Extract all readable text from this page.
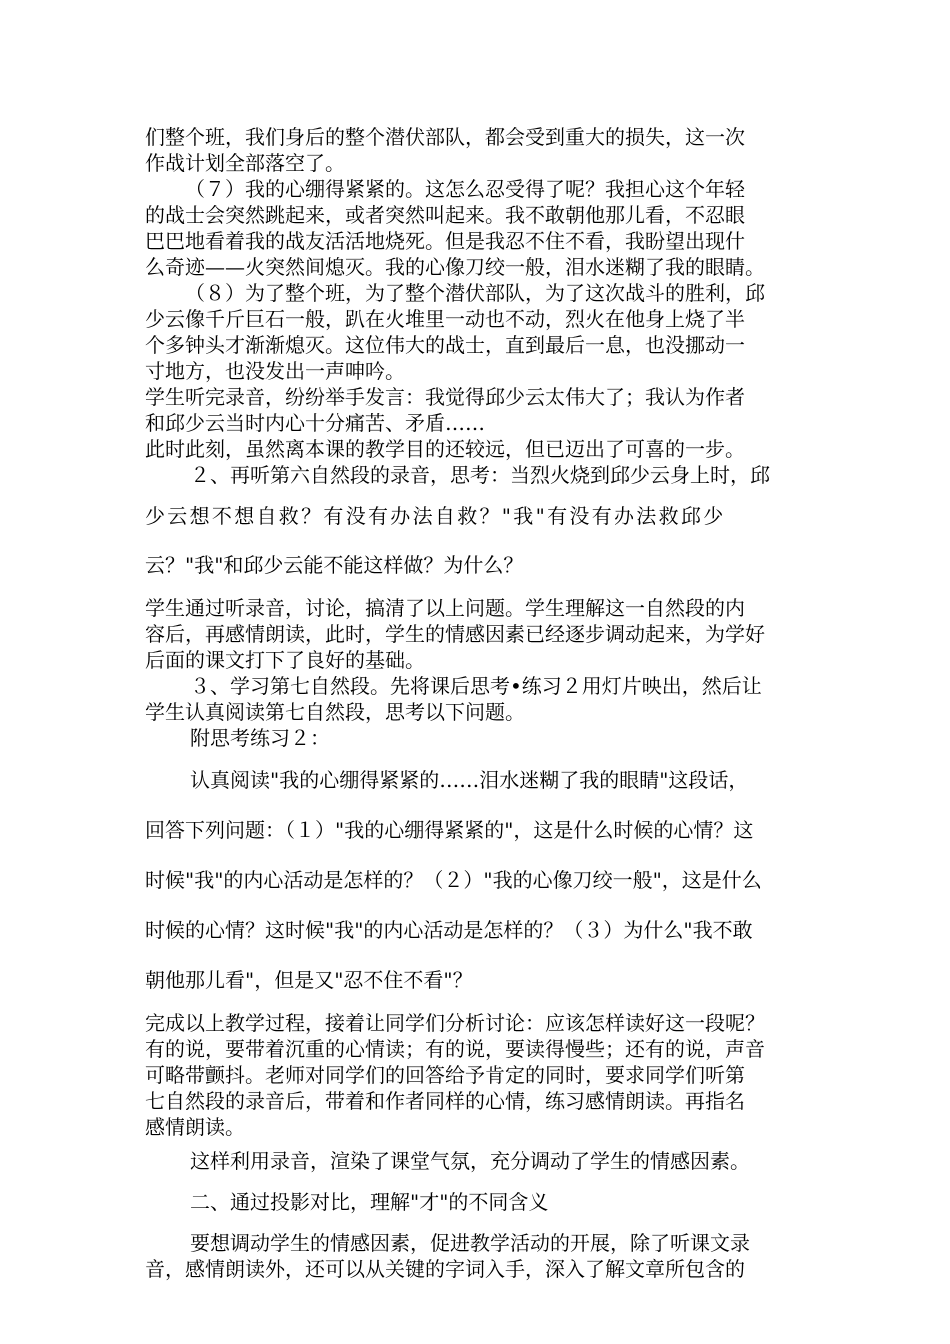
们整个班，我们身后的整个潜伏部队，都会受到重大的损失，这一次
作战计划全部落空了。
（７）我的心绷得紧紧的。这怎么忍受得了呢？我担心这个年轻
的战士会突然跳起来，或者突然叫起来。我不敢朝他那儿看，不忍眼
巴巴地看着我的战友活活地烧死。但是我忍不住不看，我盼望出现什
么奇迹——火突然间熄灭。我的心像刀绞一般，泪水迷糊了我的眼睛。
（８）为了整个班，为了整个潜伏部队，为了这次战斗的胜利，邱
少云像千斤巨石一般，趴在火堆里一动也不动，烈火在他身上烧了半
个多钟头才渐渐熄灭。这位伟大的战士，直到最后一息，也没挪动一
寸地方，也没发出一声呻吟。
学生听完录音，纷纷举手发言：我觉得邱少云太伟大了；我认为作者
和邱少云当时内心十分痛苦、矛盾……
此时此刻，虽然离本课的教学目的还较远，但已迈出了可喜的一步。
２、再听第六自然段的录音，思考：当烈火烧到邱少云身上时，邱
少云想不想自救？有没有办法自救？"我"有没有办法救邱少
云？"我"和邱少云能不能这样做？为什么？
学生通过听录音，讨论，搞清了以上问题。学生理解这一自然段的内
容后，再感情朗读，此时，学生的情感因素已经逐步调动起来，为学好
后面的课文打下了良好的基础。
３、学习第七自然段。先将课后思考•练习２用灯片映出，然后让
学生认真阅读第七自然段，思考以下问题。
附思考练习２：
认真阅读"我的心绷得紧紧的……泪水迷糊了我的眼睛"这段话，
回答下列问题：（１）"我的心绷得紧紧的"，这是什么时候的心情？这
时候"我"的内心活动是怎样的？（２）"我的心像刀绞一般"，这是什么
时候的心情？这时候"我"的内心活动是怎样的？（３）为什么"我不敢
朝他那儿看"，但是又"忍不住不看"？
完成以上教学过程，接着让同学们分析讨论：应该怎样读好这一段呢？
有的说，要带着沉重的心情读；有的说，要读得慢些；还有的说，声音
可略带颤抖。老师对同学们的回答给予肯定的同时，要求同学们听第
七自然段的录音后，带着和作者同样的心情，练习感情朗读。再指名
感情朗读。
这样利用录音，渲染了课堂气氛，充分调动了学生的情感因素。
二、通过投影对比，理解"才"的不同含义
要想调动学生的情感因素，促进教学活动的开展，除了听课文录
音，感情朗读外，还可以从关键的字词入手，深入了解文章所包含的
